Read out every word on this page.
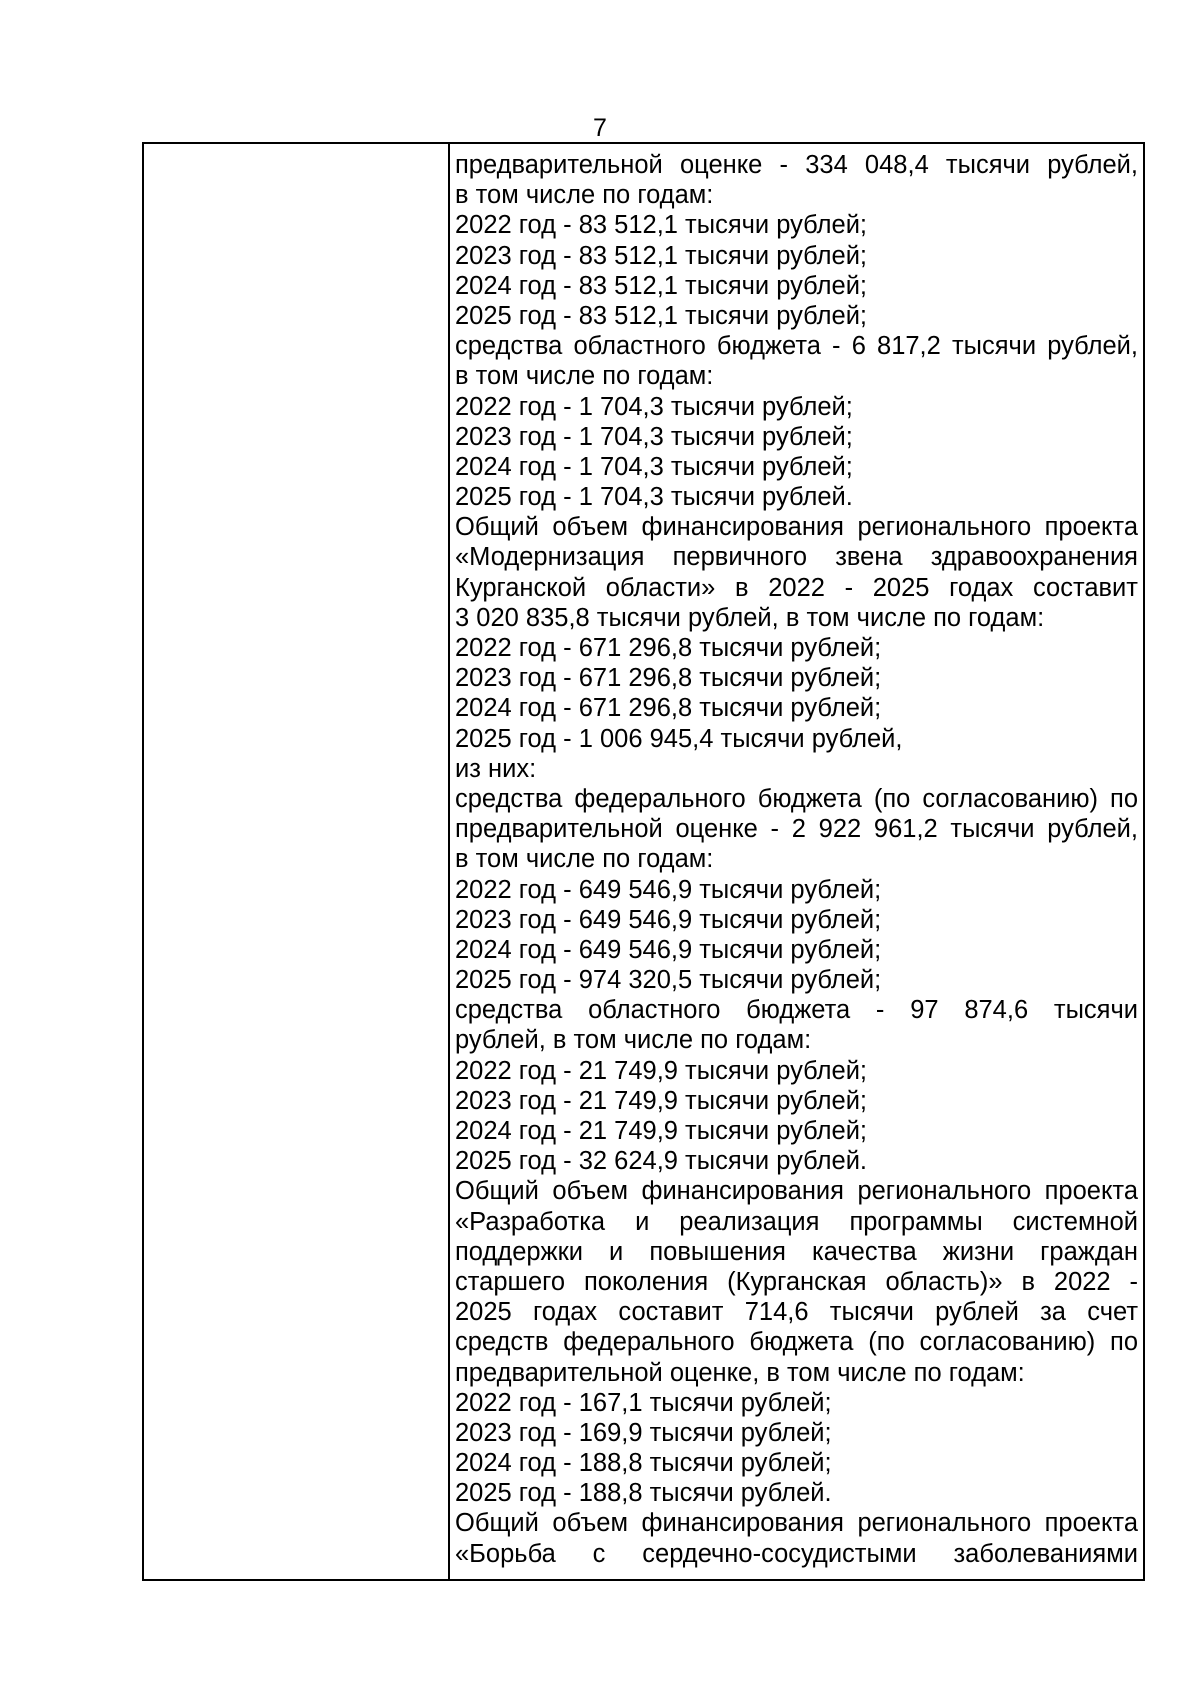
7
предварительной оценке - 334 048,4 тысячи рублей,
в том числе по годам:
2022 год - 83 512,1 тысячи рублей;
2023 год - 83 512,1 тысячи рублей;
2024 год - 83 512,1 тысячи рублей;
2025 год - 83 512,1 тысячи рублей;
средства областного бюджета - 6 817,2 тысячи рублей,
в том числе по годам:
2022 год - 1 704,3 тысячи рублей;
2023 год - 1 704,3 тысячи рублей;
2024 год - 1 704,3 тысячи рублей;
2025 год - 1 704,3 тысячи рублей.
Общий объем финансирования регионального проекта
«Модернизация первичного звена здравоохранения
Курганской области» в 2022 - 2025 годах составит
3 020 835,8 тысячи рублей, в том числе по годам:
2022 год - 671 296,8 тысячи рублей;
2023 год - 671 296,8 тысячи рублей;
2024 год - 671 296,8 тысячи рублей;
2025 год - 1 006 945,4 тысячи рублей,
из них:
средства федерального бюджета (по согласованию) по
предварительной оценке - 2 922 961,2 тысячи рублей,
в том числе по годам:
2022 год - 649 546,9 тысячи рублей;
2023 год - 649 546,9 тысячи рублей;
2024 год - 649 546,9 тысячи рублей;
2025 год - 974 320,5 тысячи рублей;
средства областного бюджета - 97 874,6 тысячи
рублей, в том числе по годам:
2022 год - 21 749,9 тысячи рублей;
2023 год - 21 749,9 тысячи рублей;
2024 год - 21 749,9 тысячи рублей;
2025 год - 32 624,9 тысячи рублей.
Общий объем финансирования регионального проекта
«Разработка и реализация программы системной
поддержки и повышения качества жизни граждан
старшего поколения (Курганская область)» в 2022 -
2025 годах составит 714,6 тысячи рублей за счет
средств федерального бюджета (по согласованию) по
предварительной оценке, в том числе по годам:
2022 год - 167,1 тысячи рублей;
2023 год - 169,9 тысячи рублей;
2024 год - 188,8 тысячи рублей;
2025 год - 188,8 тысячи рублей.
Общий объем финансирования регионального проекта
«Борьба с сердечно-сосудистыми заболеваниями
